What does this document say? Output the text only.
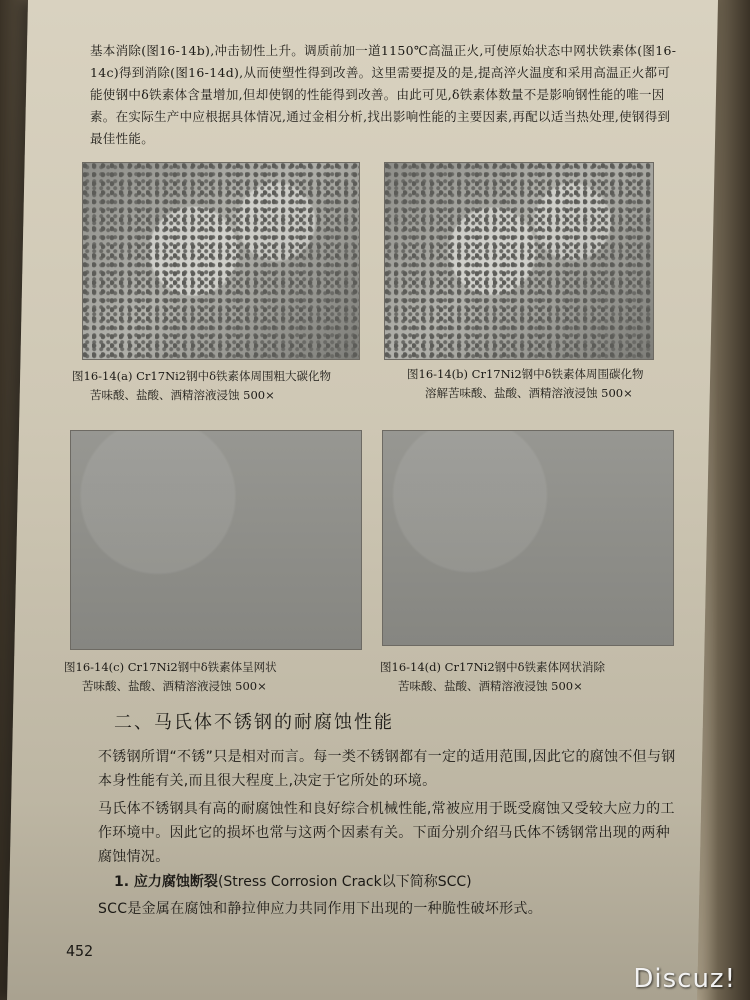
基本消除(图16-14b),冲击韧性上升。调质前加一道1150℃高温正火,可使原始状态中网状铁素体(图16-14c)得到消除(图16-14d),从而使塑性得到改善。这里需要提及的是,提高淬火温度和采用高温正火都可能使钢中δ铁素体含量增加,但却使钢的性能得到改善。由此可见,δ铁素体数量不是影响钢性能的唯一因素。在实际生产中应根据具体情况,通过金相分析,找出影响性能的主要因素,再配以适当热处理,使钢得到最佳性能。
图16-14(a) Cr17Ni2钢中δ铁素体周围粗大碳化物
苦味酸、盐酸、酒精溶液浸蚀 500×
图16-14(b) Cr17Ni2钢中δ铁素体周围碳化物
溶解苦味酸、盐酸、酒精溶液浸蚀 500×
图16-14(c) Cr17Ni2钢中δ铁素体呈网状
苦味酸、盐酸、酒精溶液浸蚀 500×
图16-14(d) Cr17Ni2钢中δ铁素体网状消除
苦味酸、盐酸、酒精溶液浸蚀 500×
二、马氏体不锈钢的耐腐蚀性能
不锈钢所谓“不锈”只是相对而言。每一类不锈钢都有一定的适用范围,因此它的腐蚀不但与钢本身性能有关,而且很大程度上,决定于它所处的环境。
马氏体不锈钢具有高的耐腐蚀性和良好综合机械性能,常被应用于既受腐蚀又受较大应力的工作环境中。因此它的损坏也常与这两个因素有关。下面分别介绍马氏体不锈钢常出现的两种腐蚀情况。
1. 应力腐蚀断裂(Stress Corrosion Crack以下简称SCC)
SCC是金属在腐蚀和静拉伸应力共同作用下出现的一种脆性破坏形式。
452
Discuz!
